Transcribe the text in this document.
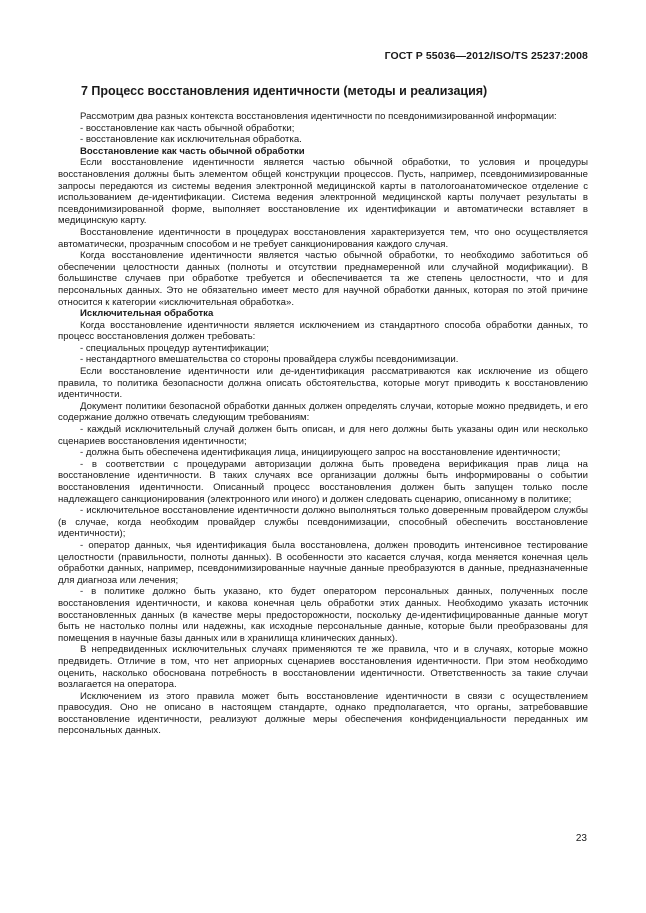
ГОСТ Р 55036—2012/ISO/TS 25237:2008
7 Процесс восстановления идентичности (методы и реализация)

Рассмотрим два разных контекста восстановления идентичности по псевдонимизированной информации:

- восстановление как часть обычной обработки;

- восстановление как исключительная обработка.

Восстановление как часть обычной обработки

Если восстановление идентичности является частью обычной обработки, то условия и процедуры восстановления должны быть элементом общей конструкции процессов. Пусть, например, псевдонимизированные запросы передаются из системы ведения электронной медицинской карты в патологоанатомическое отделение с использованием де-идентификации. Система ведения электронной медицинской карты получает результаты в псевдонимизированной форме, выполняет восстановление их идентификации и автоматически вставляет в медицинскую карту.

Восстановление идентичности в процедурах восстановления характеризуется тем, что оно осуществляется автоматически, прозрачным способом и не требует санкционирования каждого случая.

Когда восстановление идентичности является частью обычной обработки, то необходимо заботиться об обеспечении целостности данных (полноты и отсутствии преднамеренной или случайной модификации). В большинстве случаев при обработке требуется и обеспечивается та же степень целостности, что и для персональных данных. Это не обязательно имеет место для научной обработки данных, которая по этой причине относится к категории «исключительная обработка».

Исключительная обработка

Когда восстановление идентичности является исключением из стандартного способа обработки данных, то процесс восстановления должен требовать:

- специальных процедур аутентификации;

- нестандартного вмешательства со стороны провайдера службы псевдонимизации.

Если восстановление идентичности или де-идентификация рассматриваются как исключение из общего правила, то политика безопасности должна описать обстоятельства, которые могут приводить к восстановлению идентичности.

Документ политики безопасной обработки данных должен определять случаи, которые можно предвидеть, и его содержание должно отвечать следующим требованиям:

- каждый исключительный случай должен быть описан, и для него должны быть указаны один или несколько сценариев восстановления идентичности;

- должна быть обеспечена идентификация лица, инициирующего запрос на восстановление идентичности;

- в соответствии с процедурами авторизации должна быть проведена верификация прав лица на восстановление идентичности. В таких случаях все организации должны быть информированы о событии восстановления идентичности. Описанный процесс восстановления должен быть запущен только после надлежащего санкционирования (электронного или иного) и должен следовать сценарию, описанному в политике;

- исключительное восстановление идентичности должно выполняться только доверенным провайдером службы (в случае, когда необходим провайдер службы псевдонимизации, способный обеспечить восстановление идентичности);

- оператор данных, чья идентификация была восстановлена, должен проводить интенсивное тестирование целостности (правильности, полноты данных). В особенности это касается случая, когда меняется конечная цель обработки данных, например, псевдонимизированные научные данные преобразуются в данные, предназначенные для диагноза или лечения;

- в политике должно быть указано, кто будет оператором персональных данных, полученных после восстановления идентичности, и какова конечная цель обработки этих данных. Необходимо указать источник восстановленных данных (в качестве меры предосторожности, поскольку де-идентифицированные данные могут быть не настолько полны или надежны, как исходные персональные данные, которые были преобразованы для помещения в научные базы данных или в хранилища клинических данных).

В непредвиденных исключительных случаях применяются те же правила, что и в случаях, которые можно предвидеть. Отличие в том, что нет априорных сценариев восстановления идентичности. При этом необходимо оценить, насколько обоснована потребность в восстановлении идентичности. Ответственность за такие случаи возлагается на оператора.

Исключением из этого правила может быть восстановление идентичности в связи с осуществлением правосудия. Оно не описано в настоящем стандарте, однако предполагается, что органы, затребовавшие восстановление идентичности, реализуют должные меры обеспечения конфиденциальности переданных им персональных данных.

23
